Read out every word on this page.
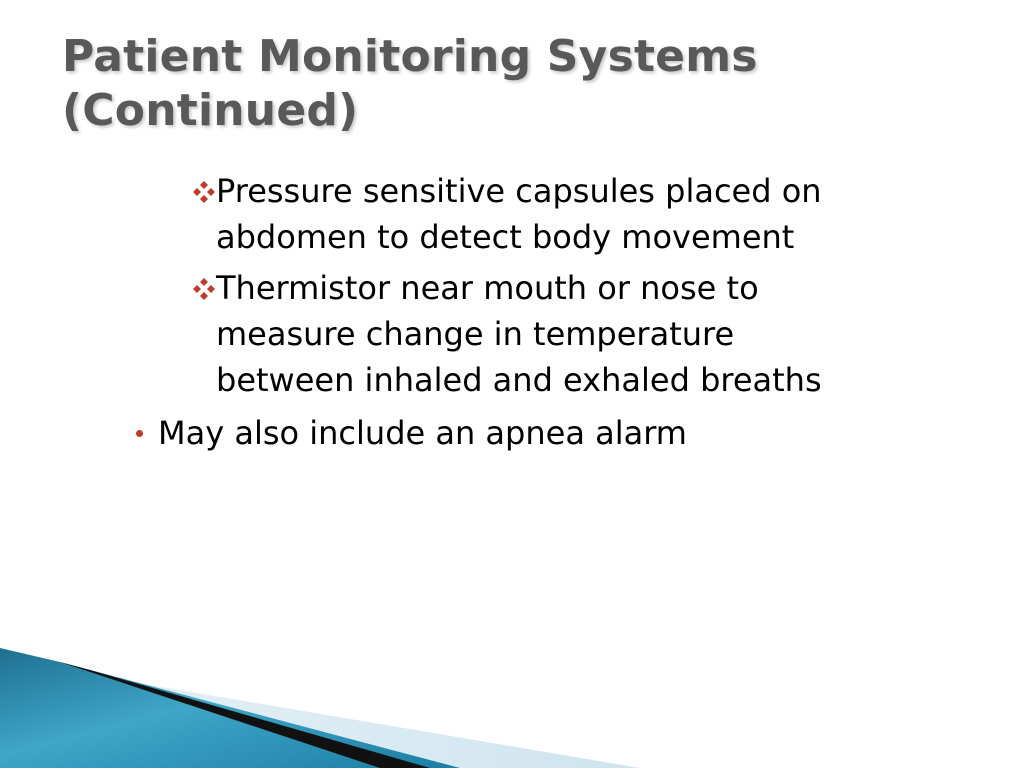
Patient Monitoring Systems
(Continued)
Pressure sensitive capsules placed on
abdomen to detect body movement
Thermistor near mouth or nose to
measure change in temperature
between inhaled and exhaled breaths
May also include an apnea alarm
